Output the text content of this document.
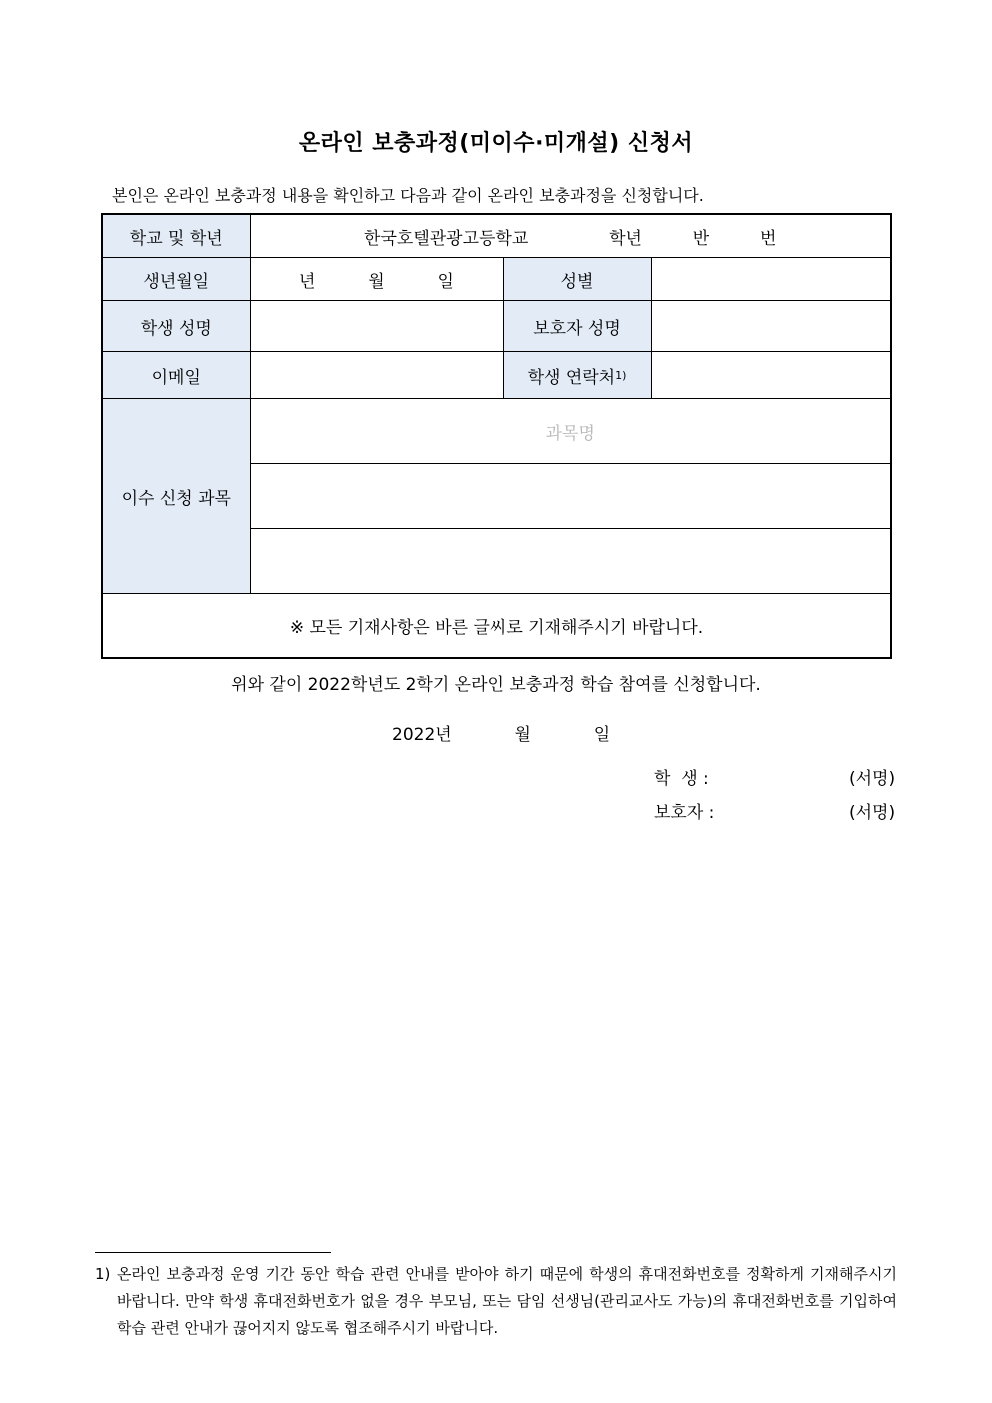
온라인 보충과정(미이수·미개설) 신청서
본인은 온라인 보충과정 내용을 확인하고 다음과 같이 온라인 보충과정을 신청합니다.
학교 및 학년	한국호텔관광고등학교 학년 반 번		
생년월일	년 월 일	성별	
학생 성명		보호자 성명	
이메일		학생 연락처$^{1)}$	
이수 신청 과목	과목명		

※ 모든 기재사항은 바른 글씨로 기재해주시기 바랍니다.			
위와 같이 2022학년도 2학기 온라인 보충과정 학습 참여를 신청합니다.
2022년	월	일
학  생 :	(서명)
보호자 :	(서명)
1) 온라인 보충과정 운영 기간 동안 학습 관련 안내를 받아야 하기 때문에 학생의 휴대전화번호를 정확하게 기재해주시기 바랍니다. 만약 학생 휴대전화번호가 없을 경우 부모님, 또는 담임 선생님(관리교사도 가능)의 휴대전화번호를 기입하여 학습 관련 안내가 끊어지지 않도록 협조해주시기 바랍니다.
